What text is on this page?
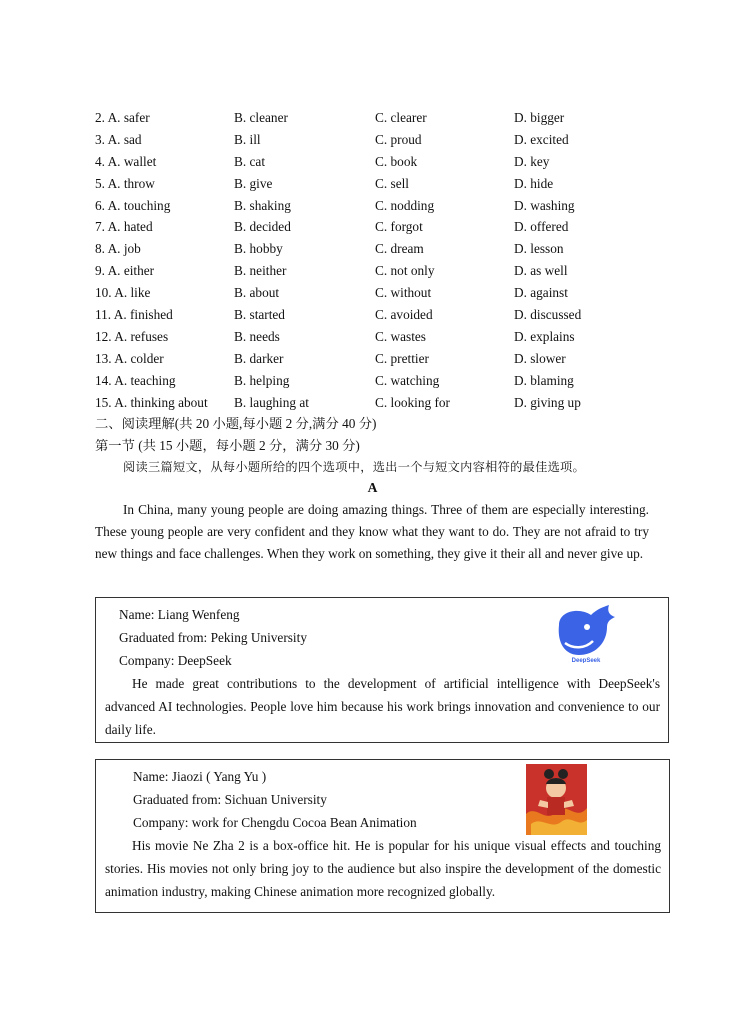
2. A. safer	B. cleaner	C. clearer	D. bigger
3. A. sad	B. ill	C. proud	D. excited
4. A. wallet	B. cat	C. book	D. key
5. A. throw	B. give	C. sell	D. hide
6. A. touching	B. shaking	C. nodding	D. washing
7. A. hated	B. decided	C. forgot	D. offered
8. A. job	B. hobby	C. dream	D. lesson
9. A. either	B. neither	C. not only	D. as well
10. A. like	B. about	C. without	D. against
11. A. finished	B. started	C. avoided	D. discussed
12. A. refuses	B. needs	C. wastes	D. explains
13. A. colder	B. darker	C. prettier	D. slower
14. A. teaching	B. helping	C. watching	D. blaming
15. A. thinking about B. laughing at	C. looking for	D. giving up
二、阅读理解(共 20 小题,每小题 2 分,满分 40 分)
第一节 (共 15 小题，每小题 2 分，满分 30 分)
阅读三篇短文，从每小题所给的四个选项中，选出一个与短文内容相符的最佳选项。
A

In China, many young people are doing amazing things. Three of them are especially interesting. These young people are very confident and they know what they want to do. They are not afraid to try new things and face challenges. When they work on something, they give it their all and never give up.

Name: Liang Wenfeng
Graduated from: Peking University
Company: DeepSeek

He made great contributions to the development of artificial intelligence with DeepSeek's advanced AI technologies. People love him because his work brings innovation and convenience to our daily life.

DeepSeek
Name: Jiaozi ( Yang Yu )
Graduated from: Sichuan University
Company: work for Chengdu Cocoa Bean Animation

His movie Ne Zha 2 is a box-office hit. He is popular for his unique visual effects and touching stories. His movies not only bring joy to the audience but also inspire the development of the domestic animation industry, making Chinese animation more recognized globally.
